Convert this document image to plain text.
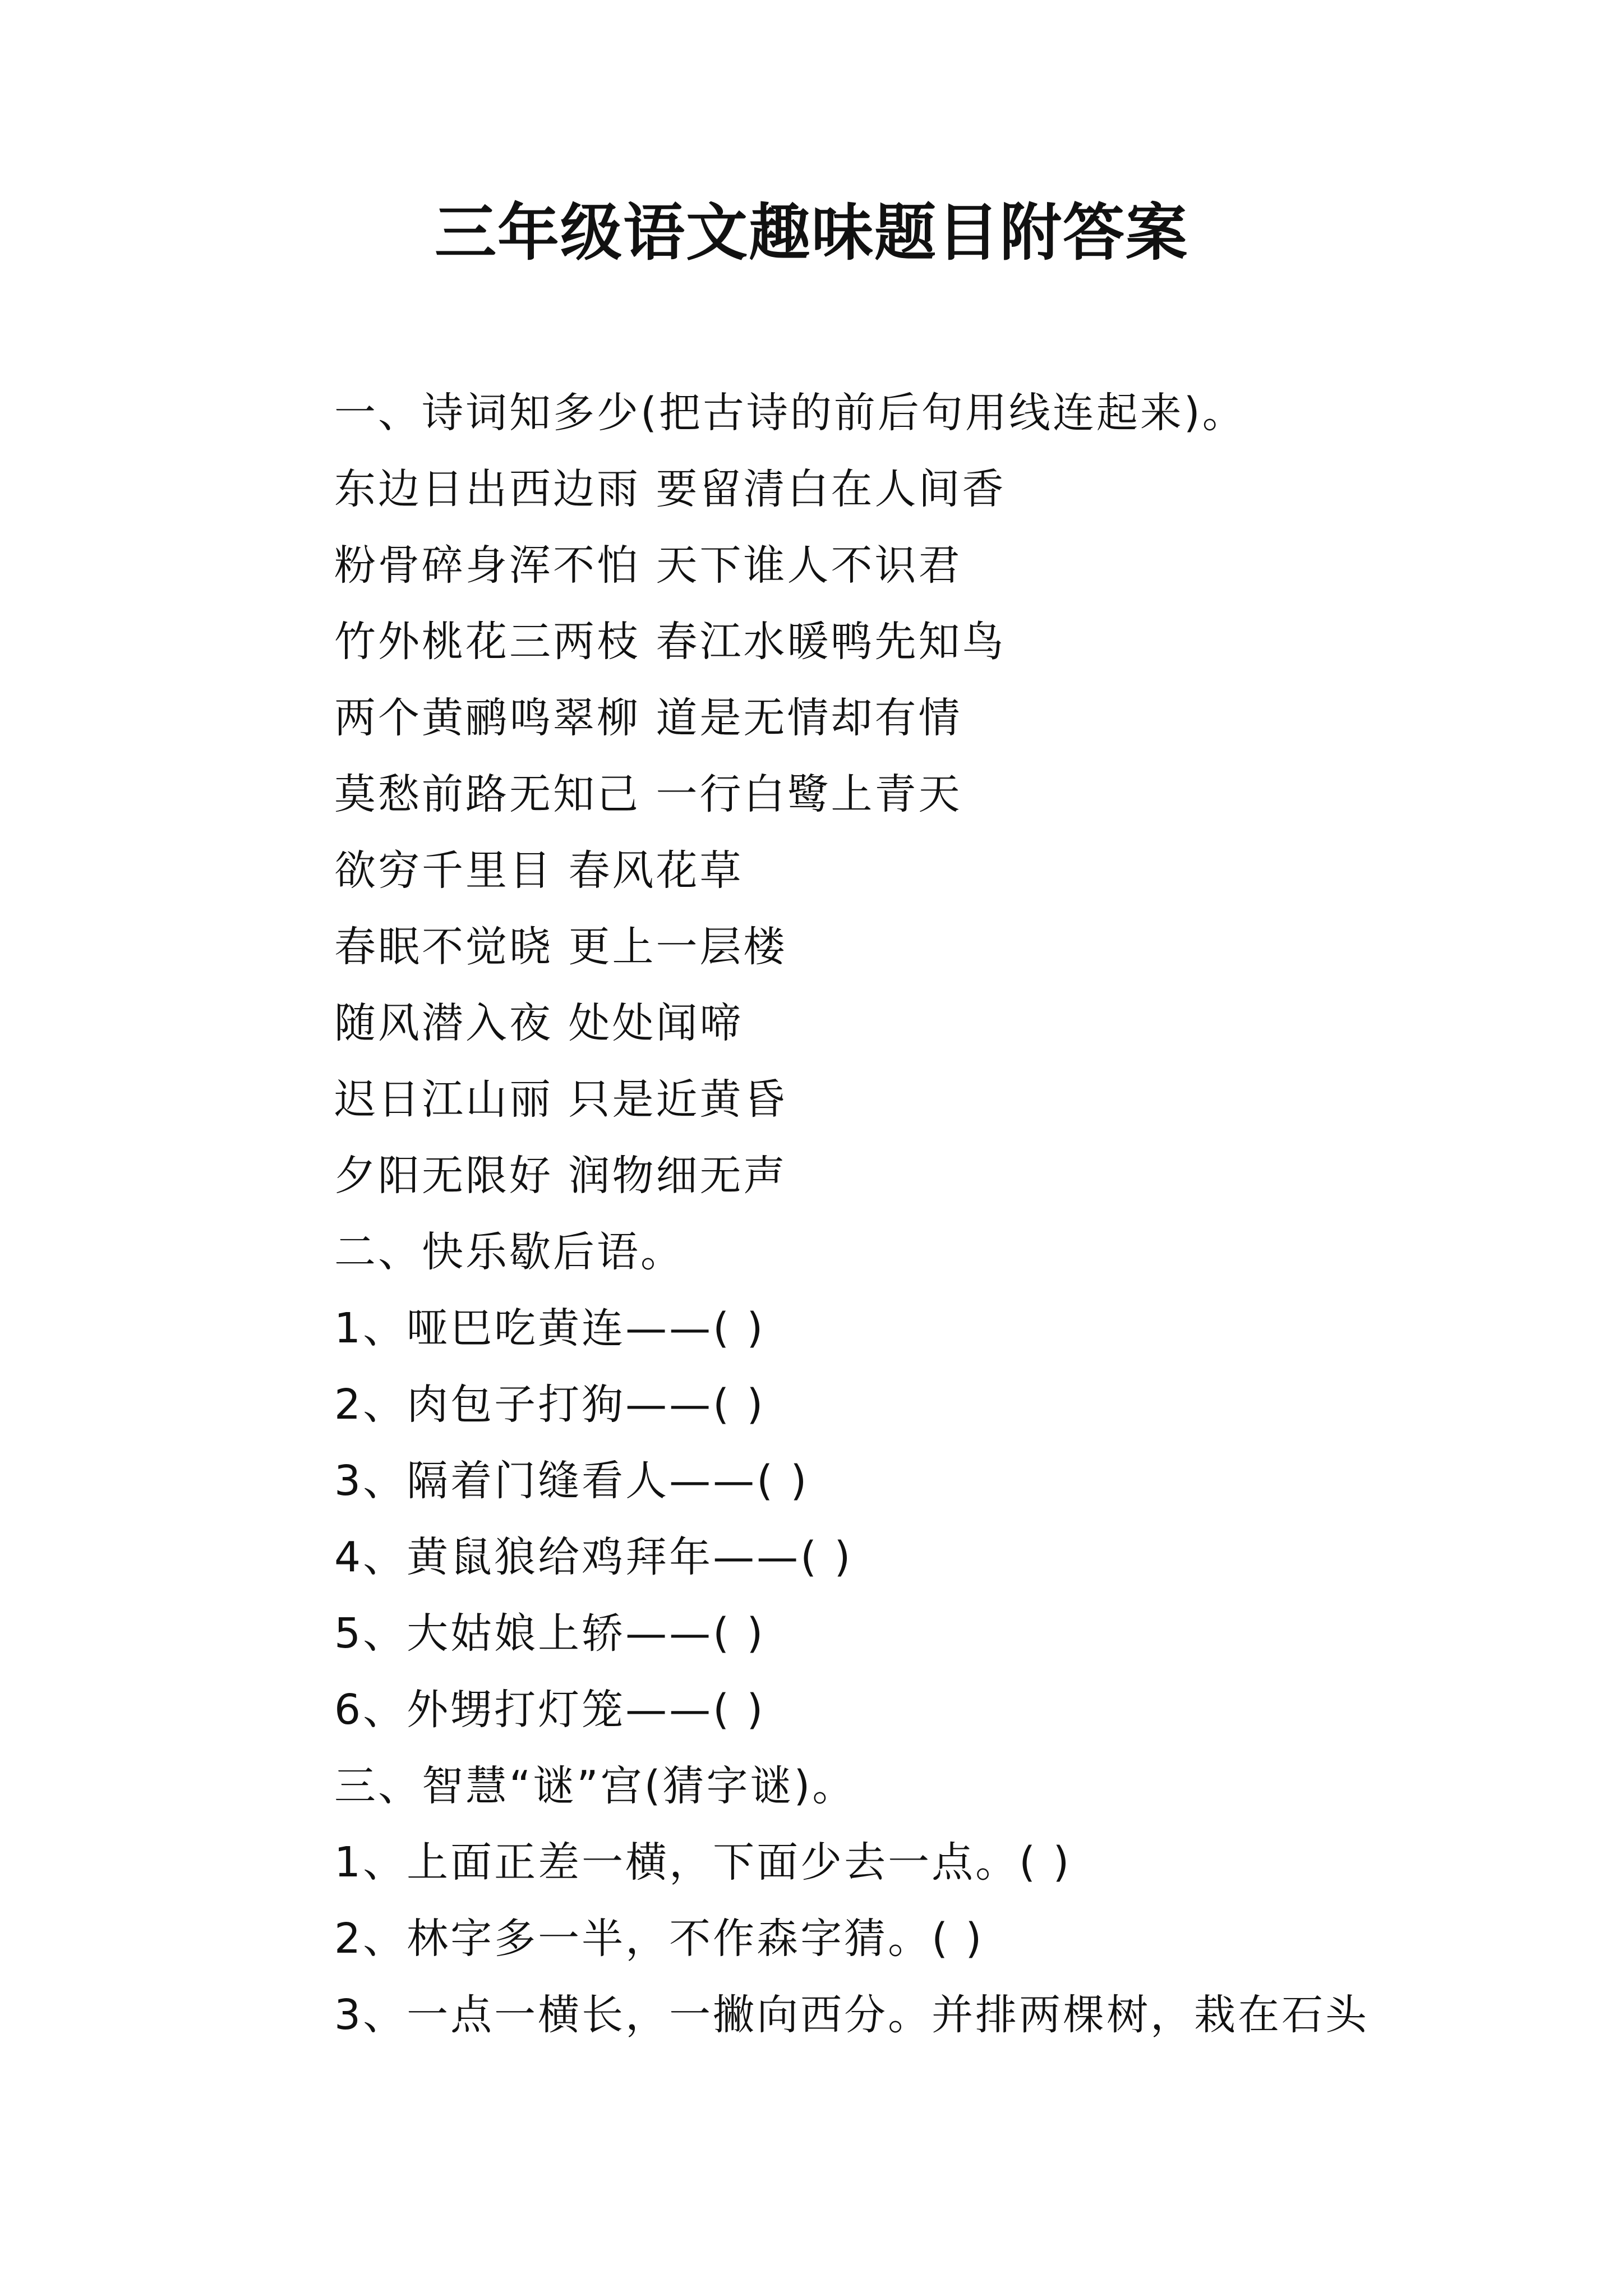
三年级语文趣味题目附答案
一、诗词知多少(把古诗的前后句用线连起来)。
东边日出西边雨 要留清白在人间香
粉骨碎身浑不怕 天下谁人不识君
竹外桃花三两枝 春江水暖鸭先知鸟
两个黄鹂鸣翠柳 道是无情却有情
莫愁前路无知己 一行白鹭上青天
欲穷千里目 春风花草
春眠不觉晓 更上一层楼
随风潜入夜 处处闻啼
迟日江山丽 只是近黄昏
夕阳无限好 润物细无声
二、快乐歇后语。
1、哑巴吃黄连——( )
2、肉包子打狗——( )
3、隔着门缝看人——( )
4、黄鼠狼给鸡拜年——( )
5、大姑娘上轿——( )
6、外甥打灯笼——( )
三、智慧“谜”宫(猜字谜)。
1、上面正差一横，下面少去一点。( )
2、林字多一半，不作森字猜。( )
3、一点一横长，一撇向西分。并排两棵树，栽在石头
